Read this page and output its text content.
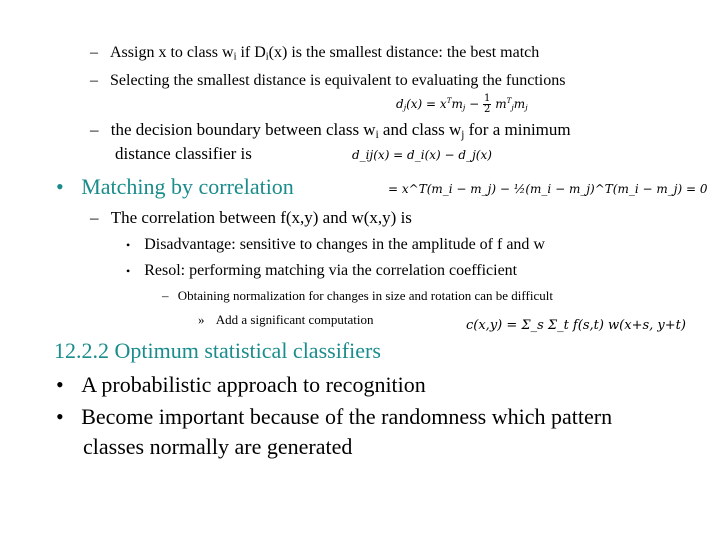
– Assign x to class $w_i$ if $D_i(x)$ is the smallest distance: the best match
– Selecting the smallest distance is equivalent to evaluating the functions
$d_j(x) = x^Tm_j - \frac{1}{2} m^T_jm_j$
– the decision boundary between class $w_i$ and class $w_j$ for a minimum
distance classifier is	d_ij(x) = d_i(x) − d_j(x)
• Matching by correlation	= x^T(m_i − m_j) − ½(m_i − m_j)^T(m_i − m_j) = 0
– The correlation between f(x,y) and w(x,y) is
• Disadvantage: sensitive to changes in the amplitude of f and w
• Resol: performing matching via the correlation coefficient
– Obtaining normalization for changes in size and rotation can be difficult
» Add a significant computation	c(x,y) = Σ_s Σ_t f(s,t) w(x+s, y+t)
12.2.2 Optimum statistical classifiers
• A probabilistic approach to recognition
• Become important because of the randomness which pattern
classes normally are generated
